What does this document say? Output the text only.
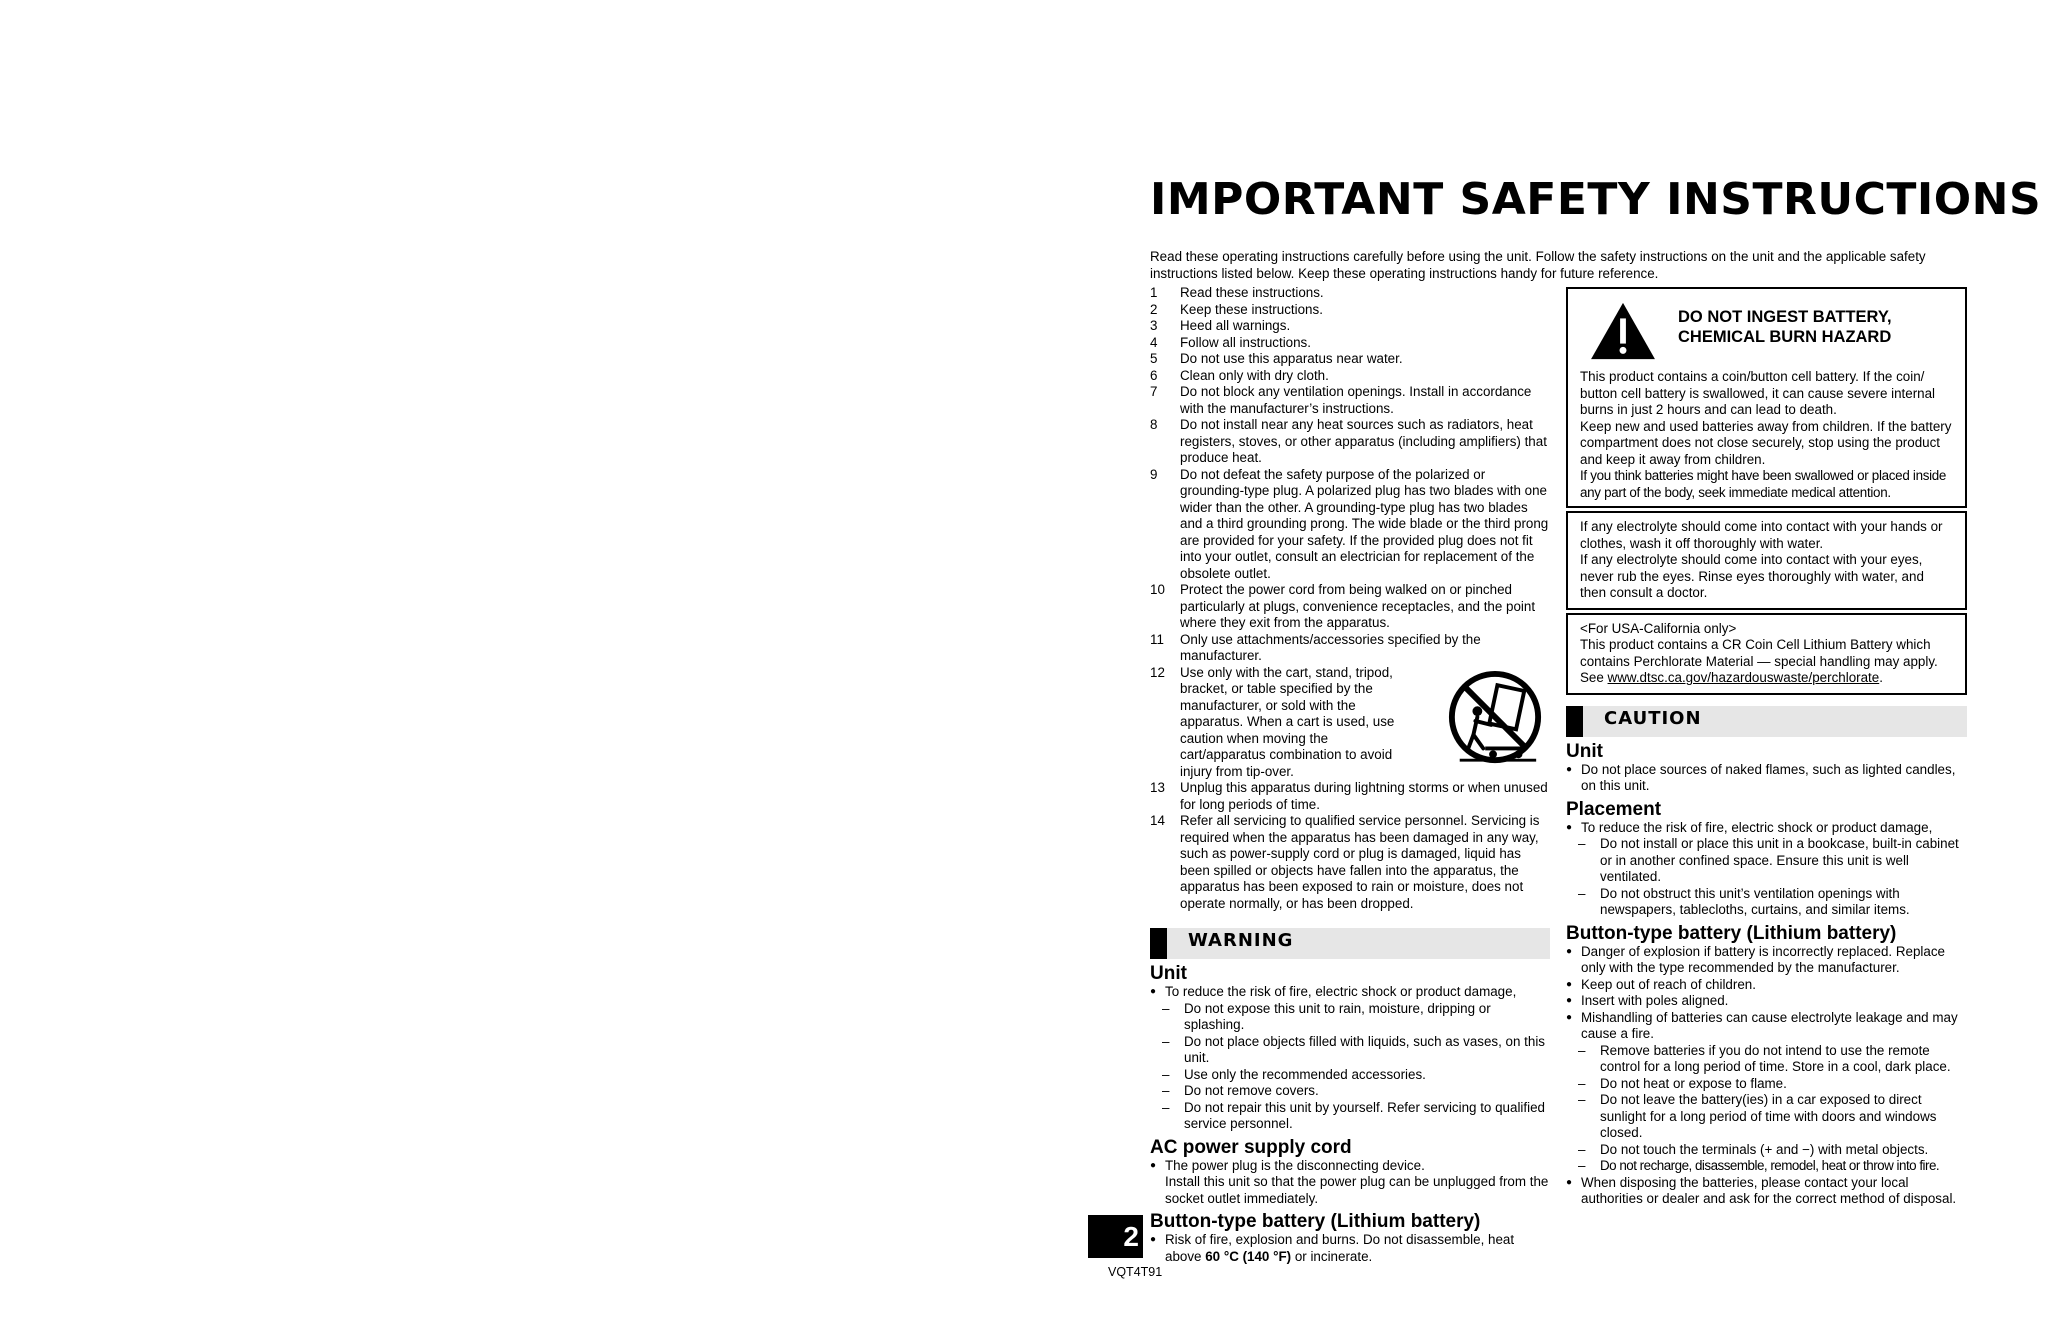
IMPORTANT SAFETY INSTRUCTIONS
Read these operating instructions carefully before using the unit. Follow the safety instructions on the unit and the applicable safety instructions listed below. Keep these operating instructions handy for future reference.
1 Read these instructions.
2 Keep these instructions.
3 Heed all warnings.
4 Follow all instructions.
5 Do not use this apparatus near water.
6 Clean only with dry cloth.
7 Do not block any ventilation openings. Install in accordance with the manufacturer’s instructions.
8 Do not install near any heat sources such as radiators, heat registers, stoves, or other apparatus (including amplifiers) that produce heat.
9 Do not defeat the safety purpose of the polarized or grounding-type plug. A polarized plug has two blades with one wider than the other. A grounding-type plug has two blades and a third grounding prong. The wide blade or the third prong are provided for your safety. If the provided plug does not fit into your outlet, consult an electrician for replacement of the obsolete outlet.
10 Protect the power cord from being walked on or pinched particularly at plugs, convenience receptacles, and the point where they exit from the apparatus.
11 Only use attachments/accessories specified by the manufacturer.
12 Use only with the cart, stand, tripod, bracket, or table specified by the manufacturer, or sold with the apparatus. When a cart is used, use caution when moving the cart/apparatus combination to avoid injury from tip-over.
13 Unplug this apparatus during lightning storms or when unused for long periods of time.
14 Refer all servicing to qualified service personnel. Servicing is required when the apparatus has been damaged in any way, such as power-supply cord or plug is damaged, liquid has been spilled or objects have fallen into the apparatus, the apparatus has been exposed to rain or moisture, does not operate normally, or has been dropped.
WARNING
Unit
● To reduce the risk of fire, electric shock or product damage,
– Do not expose this unit to rain, moisture, dripping or splashing.
– Do not place objects filled with liquids, such as vases, on this unit.
– Use only the recommended accessories.
– Do not remove covers.
– Do not repair this unit by yourself. Refer servicing to qualified service personnel.
AC power supply cord
● The power plug is the disconnecting device.
Install this unit so that the power plug can be unplugged from the socket outlet immediately.
Button-type battery (Lithium battery)
● Risk of fire, explosion and burns. Do not disassemble, heat above 60 °C (140 °F) or incinerate.
DO NOT INGEST BATTERY,
CHEMICAL BURN HAZARD
This product contains a coin/button cell battery. If the coin/ button cell battery is swallowed, it can cause severe internal burns in just 2 hours and can lead to death.
Keep new and used batteries away from children. If the battery compartment does not close securely, stop using the product and keep it away from children.
If you think batteries might have been swallowed or placed inside any part of the body, seek immediate medical attention.
If any electrolyte should come into contact with your hands or clothes, wash it off thoroughly with water.
If any electrolyte should come into contact with your eyes, never rub the eyes. Rinse eyes thoroughly with water, and then consult a doctor.
<For USA-California only>
This product contains a CR Coin Cell Lithium Battery which contains Perchlorate Material — special handling may apply.
See www.dtsc.ca.gov/hazardouswaste/perchlorate.
CAUTION
Unit
● Do not place sources of naked flames, such as lighted candles, on this unit.
Placement
● To reduce the risk of fire, electric shock or product damage,
– Do not install or place this unit in a bookcase, built-in cabinet or in another confined space. Ensure this unit is well ventilated.
– Do not obstruct this unit’s ventilation openings with newspapers, tablecloths, curtains, and similar items.
Button-type battery (Lithium battery)
● Danger of explosion if battery is incorrectly replaced. Replace only with the type recommended by the manufacturer.
● Keep out of reach of children.
● Insert with poles aligned.
● Mishandling of batteries can cause electrolyte leakage and may cause a fire.
– Remove batteries if you do not intend to use the remote control for a long period of time. Store in a cool, dark place.
– Do not heat or expose to flame.
– Do not leave the battery(ies) in a car exposed to direct sunlight for a long period of time with doors and windows closed.
– Do not touch the terminals (+ and −) with metal objects.
– Do not recharge, disassemble, remodel, heat or throw into fire.
● When disposing the batteries, please contact your local authorities or dealer and ask for the correct method of disposal.
2
VQT4T91
